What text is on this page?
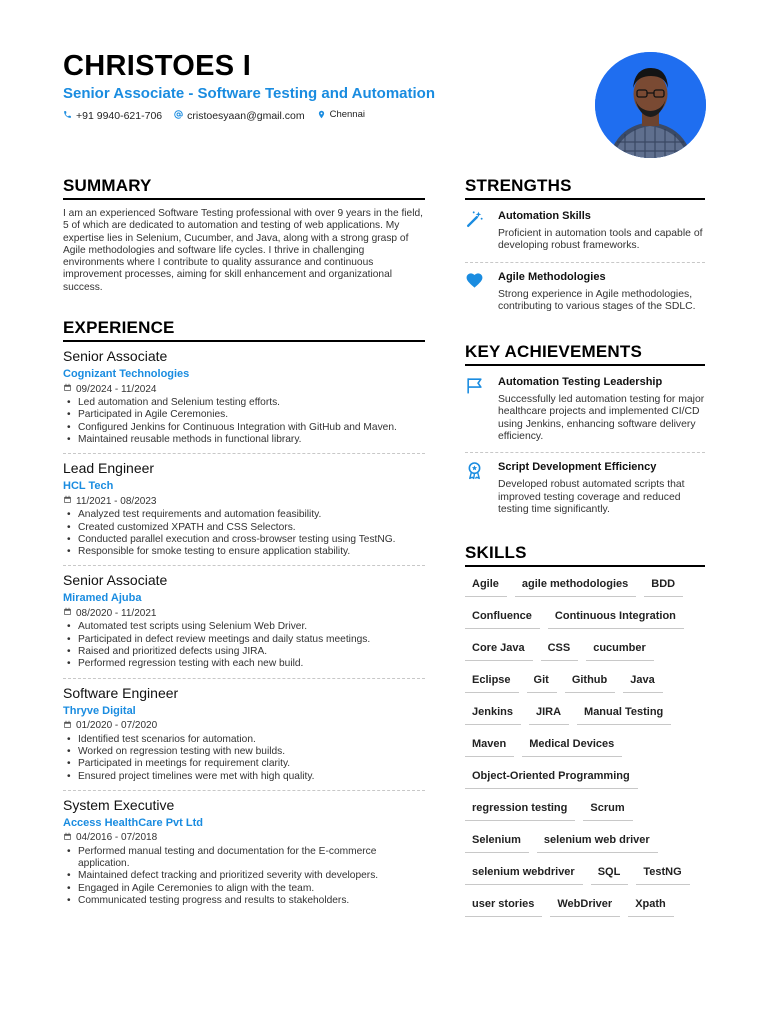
CHRISTOES I
Senior Associate - Software Testing and Automation
+91 9940-621-706 cristoesyaan@gmail.com	Chennai
SUMMARY

I am an experienced Software Testing professional with over 9 years in the field, 5 of which are dedicated to automation and testing of web applications. My expertise lies in Selenium, Cucumber, and Java, along with a strong grasp of Agile methodologies and software life cycles. I thrive in challenging environments where I contribute to quality assurance and continuous improvement processes, aiming for skill enhancement and organizational success.

EXPERIENCE
Senior Associate
Cognizant Technologies
09/2024 - 11/2024
• Led automation and Selenium testing efforts.
• Participated in Agile Ceremonies.
• Configured Jenkins for Continuous Integration with GitHub and Maven.
• Maintained reusable methods in functional library.
Lead Engineer
HCL Tech
11/2021 - 08/2023
• Analyzed test requirements and automation feasibility.
• Created customized XPATH and CSS Selectors.
• Conducted parallel execution and cross-browser testing using TestNG.
• Responsible for smoke testing to ensure application stability.
Senior Associate
Miramed Ajuba
08/2020 - 11/2021
• Automated test scripts using Selenium Web Driver.
• Participated in defect review meetings and daily status meetings.
• Raised and prioritized defects using JIRA.
• Performed regression testing with each new build.
Software Engineer
Thryve Digital
01/2020 - 07/2020
• Identified test scenarios for automation.
• Worked on regression testing with new builds.
• Participated in meetings for requirement clarity.
• Ensured project timelines were met with high quality.
System Executive
Access HealthCare Pvt Ltd
04/2016 - 07/2018
• Performed manual testing and documentation for the E-commerce application.
• Maintained defect tracking and prioritized severity with developers.
• Engaged in Agile Ceremonies to align with the team.
• Communicated testing progress and results to stakeholders.
STRENGTHS
Automation Skills
Proficient in automation tools and capable of developing robust frameworks.
Agile Methodologies
Strong experience in Agile methodologies, contributing to various stages of the SDLC.
KEY ACHIEVEMENTS
Automation Testing Leadership
Successfully led automation testing for major healthcare projects and implemented CI/CD using Jenkins, enhancing software delivery efficiency.
Script Development Efficiency
Developed robust automated scripts that improved testing coverage and reduced testing time significantly.
SKILLS
Agile	agile methodologies	BDD
Confluence	Continuous Integration
Core Java	CSS	cucumber
Eclipse	Git	Github	Java
Jenkins	JIRA	Manual Testing
Maven	Medical Devices
Object-Oriented Programming
regression testing	Scrum
Selenium	selenium web driver
selenium webdriver	SQL	TestNG
user stories	WebDriver	Xpath
